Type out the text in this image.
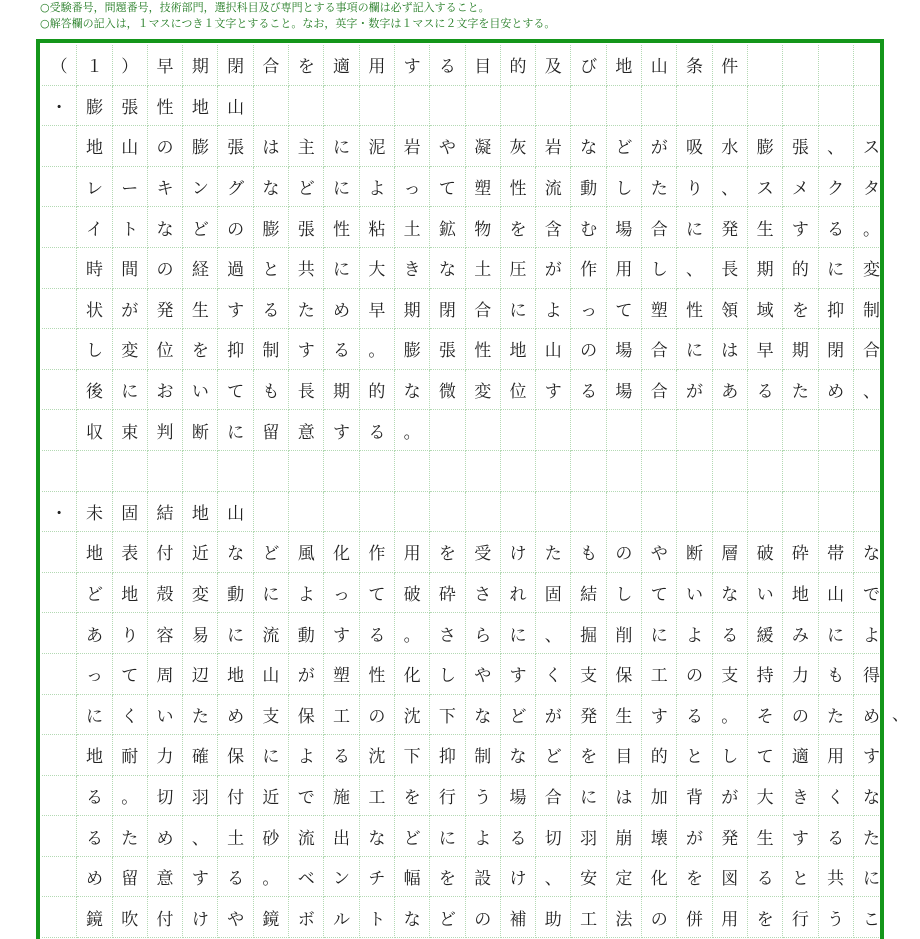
○受験番号，問題番号，技術部門，選択科目及び専門とする事項の欄は必ず記入すること。
○解答欄の記入は，１マスにつき１文字とすること。なお，英字・数字は１マスに２文字を目安とする。
（	１	）	早	期	閉	合	を	適	用	す	る	目	的	及	び	地	山	条	件
・	膨	張	性	地	山
地	山	の	膨	張	は	主	に	泥	岩	や	凝	灰	岩	な	ど	が	吸	水	膨	張	、	ス
レ	ー	キ	ン	グ	な	ど	に	よ	っ	て	塑	性	流	動	し	た	り	、	ス	メ	ク	タ
イ	ト	な	ど	の	膨	張	性	粘	土	鉱	物	を	含	む	場	合	に	発	生	す	る	。
時	間	の	経	過	と	共	に	大	き	な	土	圧	が	作	用	し	、	長	期	的	に	変
状	が	発	生	す	る	た	め	早	期	閉	合	に	よ	っ	て	塑	性	領	域	を	抑	制
し	変	位	を	抑	制	す	る	。	膨	張	性	地	山	の	場	合	に	は	早	期	閉	合
後	に	お	い	て	も	長	期	的	な	微	変	位	す	る	場	合	が	あ	る	た	め	、
収	束	判	断	に	留	意	す	る	。
・	未	固	結	地	山
地	表	付	近	な	ど	風	化	作	用	を	受	け	た	も	の	や	断	層	破	砕	帯	な
ど	地	殻	変	動	に	よ	っ	て	破	砕	さ	れ	固	結	し	て	い	な	い	地	山	で
あ	り	容	易	に	流	動	す	る	。	さ	ら	に	、	掘	削	に	よ	る	緩	み	に	よ
っ	て	周	辺	地	山	が	塑	性	化	し	や	す	く	支	保	工	の	支	持	力	も	得
に	く	い	た	め	支	保	工	の	沈	下	な	ど	が	発	生	す	る	。	そ	の	た	め
地	耐	力	確	保	に	よ	る	沈	下	抑	制	な	ど	を	目	的	と	し	て	適	用	す
る	。	切	羽	付	近	で	施	工	を	行	う	場	合	に	は	加	背	が	大	き	く	な
る	た	め	、	土	砂	流	出	な	ど	に	よ	る	切	羽	崩	壊	が	発	生	す	る	た
め	留	意	す	る	。	ベ	ン	チ	幅	を	設	け	、	安	定	化	を	図	る	と	共	に
鏡	吹	付	け	や	鏡	ボ	ル	ト	な	ど	の	補	助	工	法	の	併	用	を	行	う	こ
、
